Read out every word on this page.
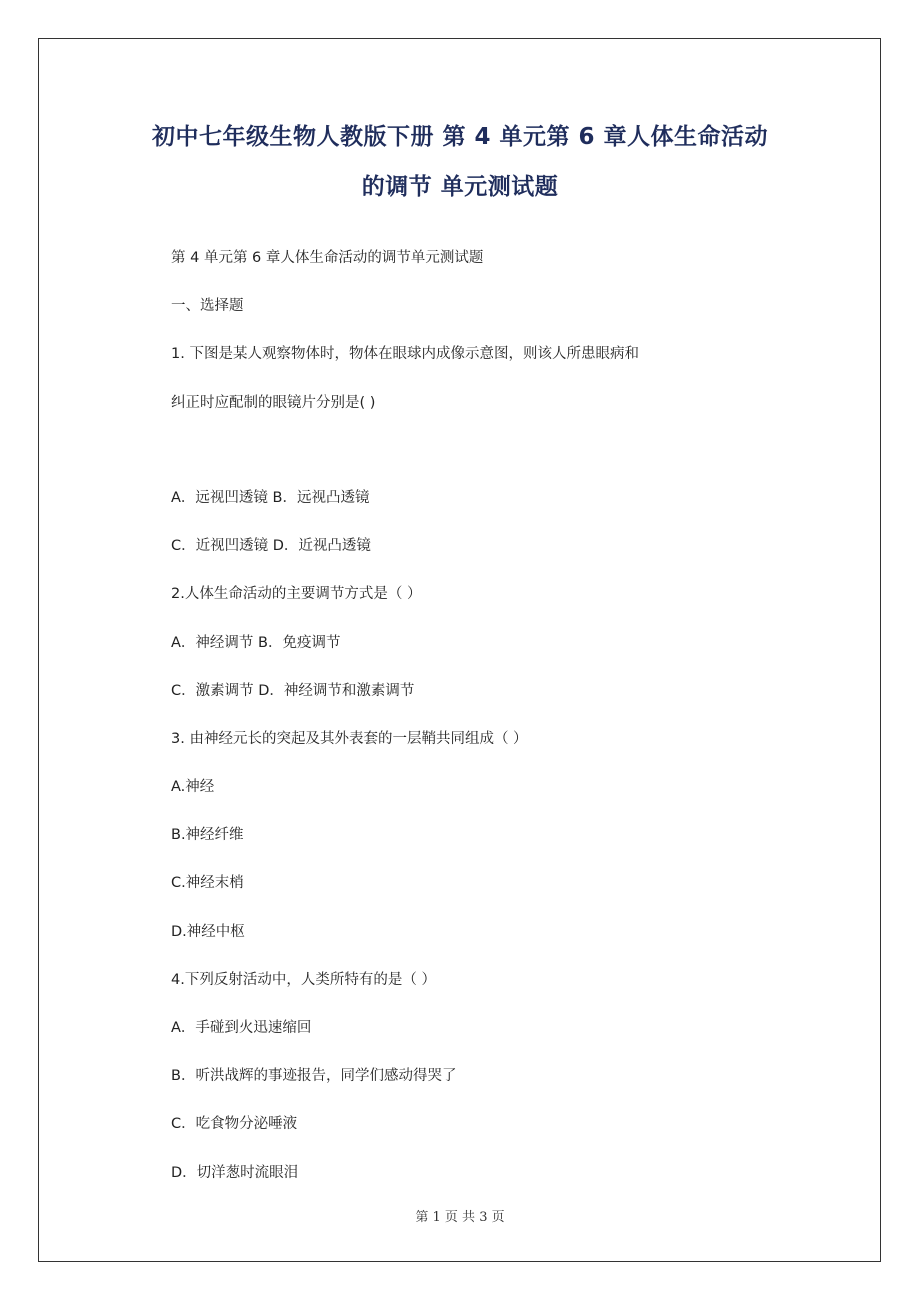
初中七年级生物人教版下册 第 4 单元第 6 章人体生命活动
的调节 单元测试题
第 4 单元第 6 章人体生命活动的调节单元测试题
一、选择题
1. 下图是某人观察物体时，物体在眼球内成像示意图，则该人所患眼病和
纠正时应配制的眼镜片分别是( )
A．远视凹透镜 B．远视凸透镜
C．近视凹透镜 D．近视凸透镜
2.人体生命活动的主要调节方式是（ ）
A．神经调节 B．免疫调节
C．激素调节 D．神经调节和激素调节
3. 由神经元长的突起及其外表套的一层鞘共同组成（ ）
A.神经
B.神经纤维
C.神经末梢
D.神经中枢
4.下列反射活动中，人类所特有的是（ ）
A．手碰到火迅速缩回
B．听洪战辉的事迹报告，同学们感动得哭了
C．吃食物分泌唾液
D．切洋葱时流眼泪
第 1 页 共 3 页
